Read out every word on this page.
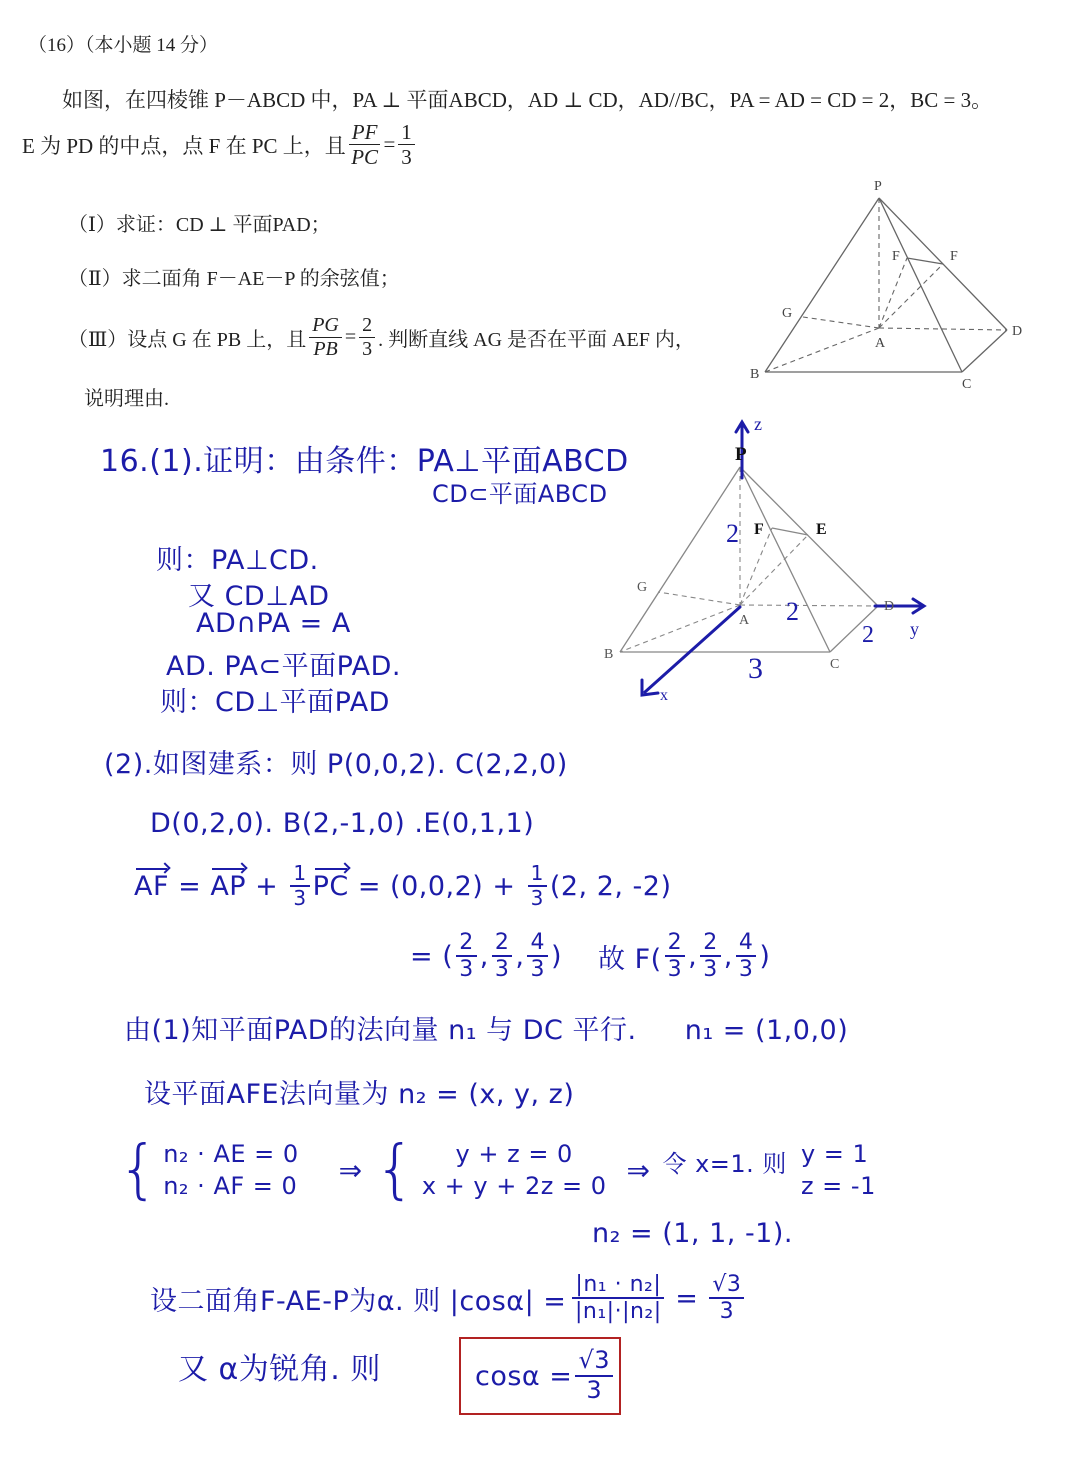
（16）（本小题 14 分）
如图，在四棱锥 P－ABCD 中，PA ⊥ 平面ABCD，AD ⊥ CD，AD//BC，PA = AD = CD = 2，BC = 3。
E 为 PD 的中点，点 F 在 PC 上，且 $\frac{PF}{PC} = \frac{1}{3}$
（Ⅰ）求证：CD ⊥ 平面PAD；
（Ⅱ）求二面角 F－AE－P 的余弦值；
（Ⅲ）设点 G 在 PB 上，且 $\frac{PG}{PB} = \frac{2}{3}$ . 判断直线 AG 是否在平面 AEF 内，
说明理由.
P
F	F
G
A
D
B
C
16.(1).证明：由条件：PA⊥平面ABCD
CD⊂平面ABCD
则：PA⊥CD.
又 CD⊥AD
AD∩PA = A
AD. PA⊂平面PAD.
则：CD⊥平面PAD
P
F	E
G
A
D
B
C
z
y
x
2
2
2
3
(2).如图建系：则 P(0,0,2). C(2,2,0)
D(0,2,0). B(2,-1,0) .E(0,1,1)
AF = AP + $\frac{1}{3}$ PC = $(0,0,2) + \frac{1}{3} (2$, 2, -2)
= ( $\frac{2}{3}$ , $\frac{2}{3}$ , $\frac{4}{3}$ ) 故 $F( \frac{2}{3}$ , $\frac{2}{3}$ , $\frac{4}{3}$ )
由(1)知平面PAD的法向量 n₁ 与 DC 平行. n₁ = (1,0,0)
设平面AFE法向量为 n₂ = (x, y, z)
{ n₂ · AE = 0
n₂ · AF = 0 ⇒ {	y + z = 0
x + y + 2z = 0 ⇒ 令 x=1. 则 y = 1
z = -1
n₂ = (1, 1, -1).
设二面角F-AE-P为α. 则 $|\cos\alpha| = \frac{\text{|n₁ · n₂|}}{\text{|n₁|·|n₂|}} = \frac{√3}{3}$
又 α为锐角. 则	$\cos\alpha = \frac{√3}{3}$
